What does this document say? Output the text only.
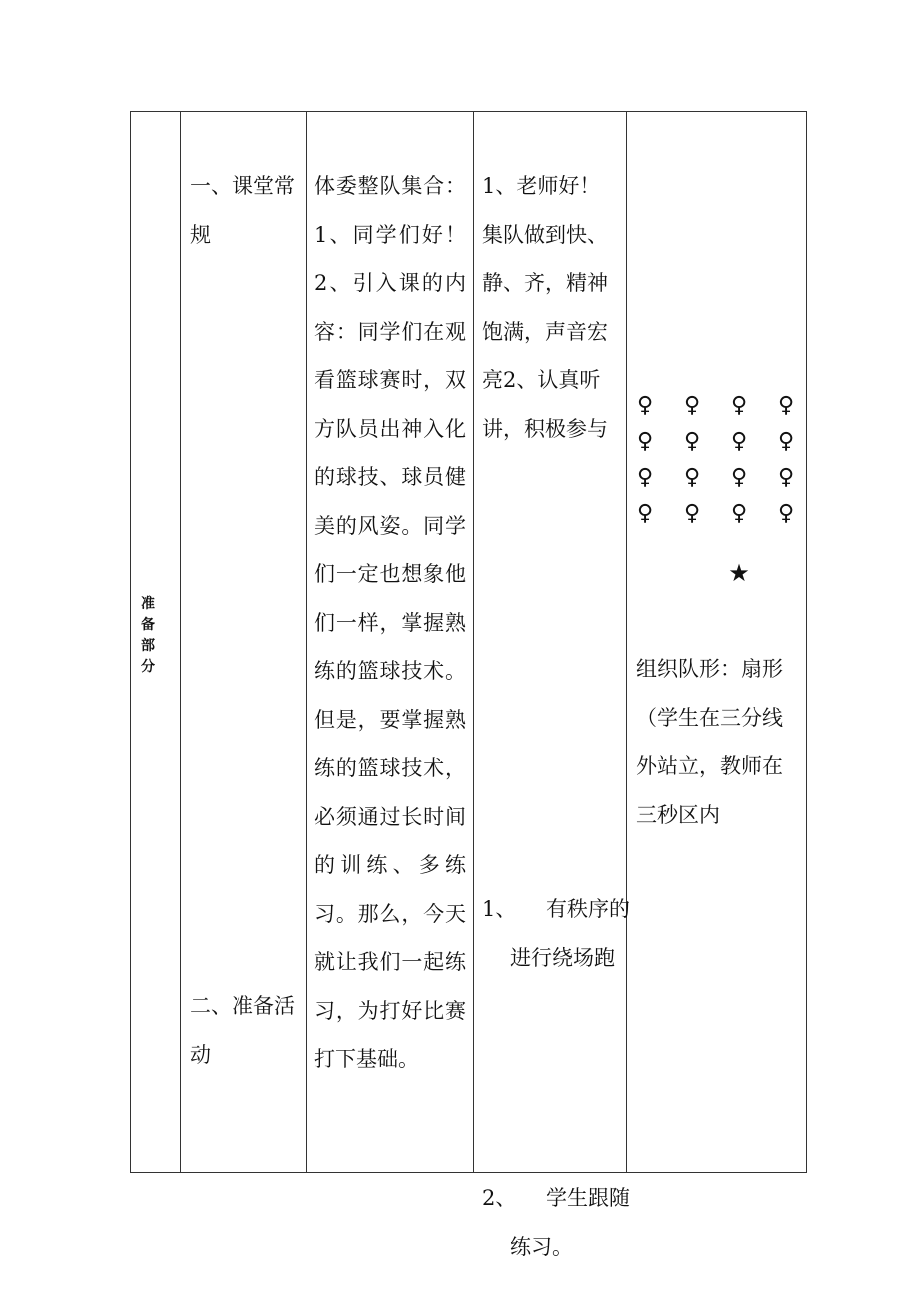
准
备
部
分
一、课堂常规
二、准备活动
体委整队集合：1、同学们好！2、引入课的内容：同学们在观看篮球赛时，双方队员出神入化的球技、球员健美的风姿。同学们一定也想象他们一样，掌握熟练的篮球技术。但是，要掌握熟练的篮球技术，必须通过长时间的训练、多练习。那么，今天就让我们一起练习，为打好比赛打下基础。
1、老师好！集队做到快、静、齐，精神饱满，声音宏亮2、认真听讲，积极参与
1、 有秩序的进行绕场跑
2、 学生跟随练习。
♀ ♀ ♀ ♀
♀ ♀ ♀ ♀
♀ ♀ ♀ ♀
♀ ♀ ♀ ♀
★
组织队形：扇形（学生在三分线外站立，教师在三秒区内
